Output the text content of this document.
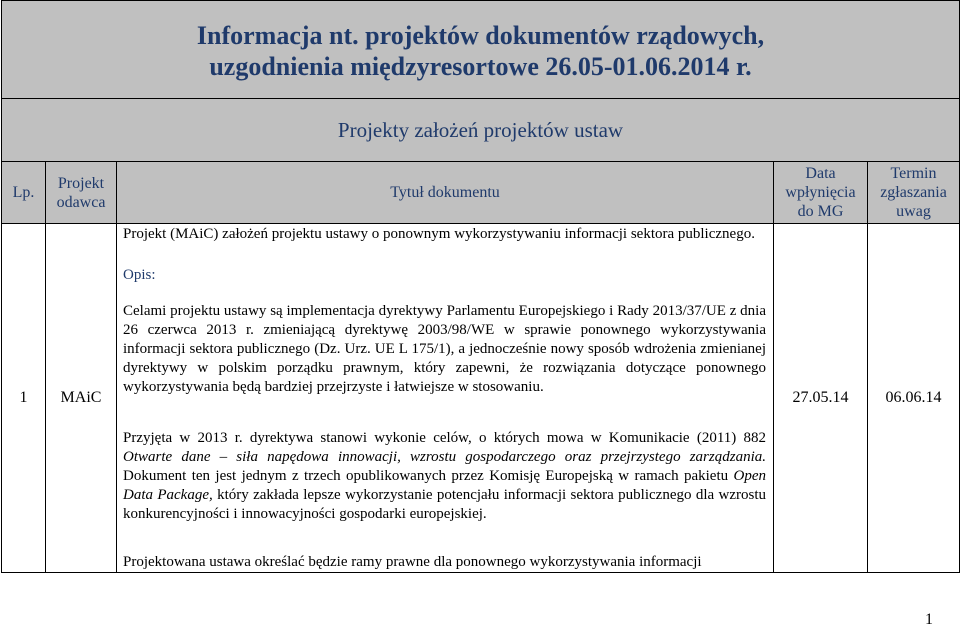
Informacja nt. projektów dokumentów rządowych,
uzgodnienia międzyresortowe 26.05-01.06.2014 r.
Projekty założeń projektów ustaw
Lp.
Projekt odawca
Tytuł dokumentu
Data wpłynięcia do MG
Termin zgłaszania uwag
1 MAiC	27.05.14 06.06.14
Projekt (MAiC) założeń projektu ustawy o ponownym wykorzystywaniu informacji sektora publicznego.
Opis:
Celami projektu ustawy są implementacja dyrektywy Parlamentu Europejskiego i Rady 2013/37/UE z dnia 26 czerwca 2013 r. zmieniającą dyrektywę 2003/98/WE w sprawie ponownego wykorzystywania informacji sektora publicznego (Dz. Urz. UE L 175/1), a jednocześnie nowy sposób wdrożenia zmienianej dyrektywy w polskim porządku prawnym, który zapewni, że rozwiązania dotyczące ponownego wykorzystywania będą bardziej przejrzyste i łatwiejsze w stosowaniu.
Przyjęta w 2013 r. dyrektywa stanowi wykonie celów, o których mowa w Komunikacie (2011) 882 Otwarte dane – siła napędowa innowacji, wzrostu gospodarczego oraz przejrzystego zarządzania. Dokument ten jest jednym z trzech opublikowanych przez Komisję Europejską w ramach pakietu Open Data Package, który zakłada lepsze wykorzystanie potencjału informacji sektora publicznego dla wzrostu konkurencyjności i innowacyjności gospodarki europejskiej.
Projektowana ustawa określać będzie ramy prawne dla ponownego wykorzystywania informacji
1
